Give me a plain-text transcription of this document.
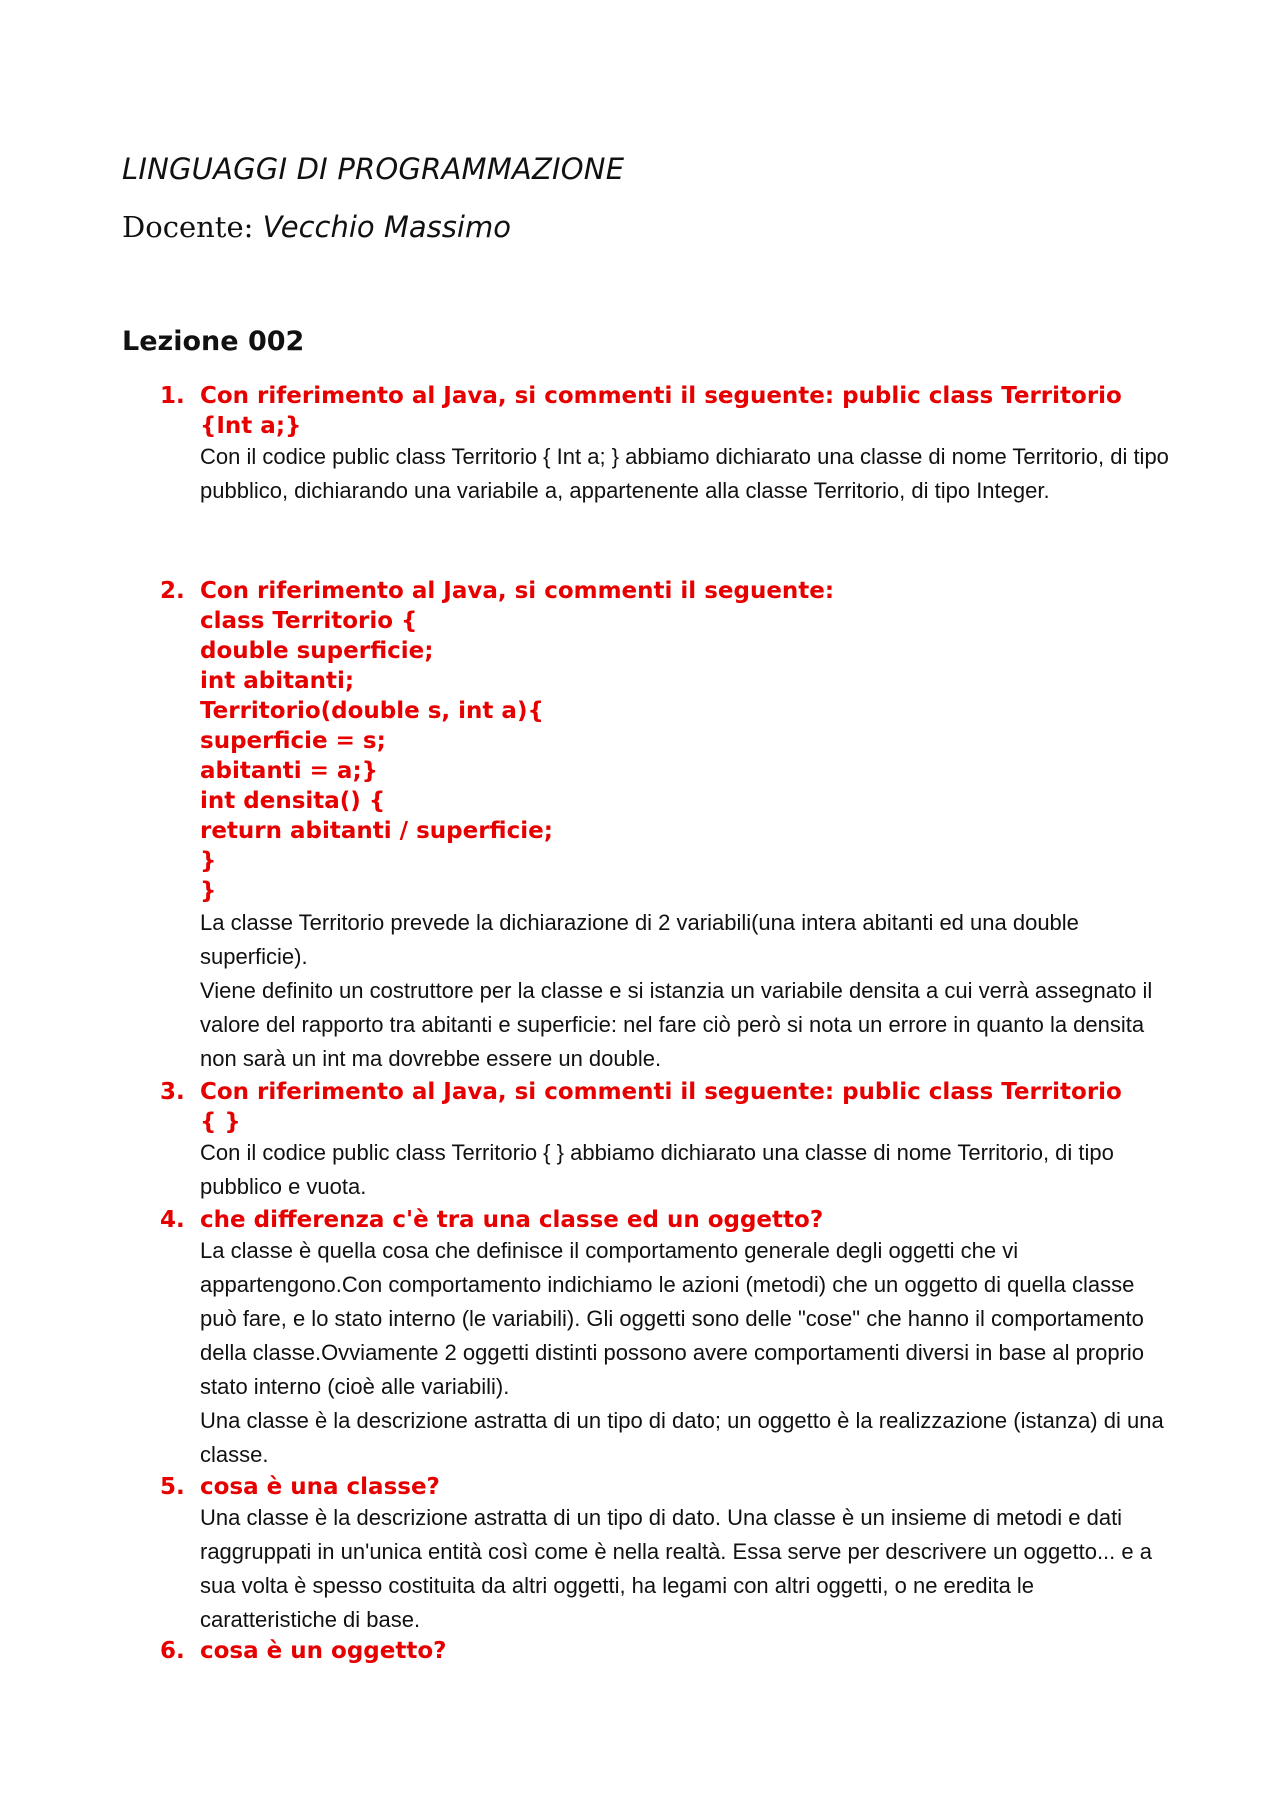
LINGUAGGI DI PROGRAMMAZIONE

Docente: Vecchio Massimo

Lezione 002

1. Con riferimento al Java, si commenti il seguente: public class Territorio
{Int a;}
Con il codice public class Territorio { Int a; } abbiamo dichiarato una classe di nome Territorio, di tipo pubblico, dichiarando una variabile a, appartenente alla classe Territorio, di tipo Integer.
2. Con riferimento al Java, si commenti il seguente:
class Territorio {
double superficie;
int abitanti;
Territorio(double s, int a){
superficie = s;
abitanti = a;}
int densita() {
return abitanti / superficie;
}
}
La classe Territorio prevede la dichiarazione di 2 variabili(una intera abitanti ed una double superficie).
Viene definito un costruttore per la classe e si istanzia un variabile densita a cui verrà assegnato il valore del rapporto tra abitanti e superficie: nel fare ciò però si nota un errore in quanto la densita non sarà un int ma dovrebbe essere un double.
3. Con riferimento al Java, si commenti il seguente: public class Territorio
{ }
Con il codice public class Territorio { } abbiamo dichiarato una classe di nome Territorio, di tipo pubblico e vuota.
4. che differenza c'è tra una classe ed un oggetto?
La classe è quella cosa che definisce il comportamento generale degli oggetti che vi appartengono.Con comportamento indichiamo le azioni (metodi) che un oggetto di quella classe può fare, e lo stato interno (le variabili). Gli oggetti sono delle "cose" che hanno il comportamento della classe.Ovviamente 2 oggetti distinti possono avere comportamenti diversi in base al proprio stato interno (cioè alle variabili).
Una classe è la descrizione astratta di un tipo di dato; un oggetto è la realizzazione (istanza) di una classe.
5. cosa è una classe?
Una classe è la descrizione astratta di un tipo di dato. Una classe è un insieme di metodi e dati raggruppati in un'unica entità così come è nella realtà. Essa serve per descrivere un oggetto... e a sua volta è spesso costituita da altri oggetti, ha legami con altri oggetti, o ne eredita le caratteristiche di base.
6. cosa è un oggetto?
